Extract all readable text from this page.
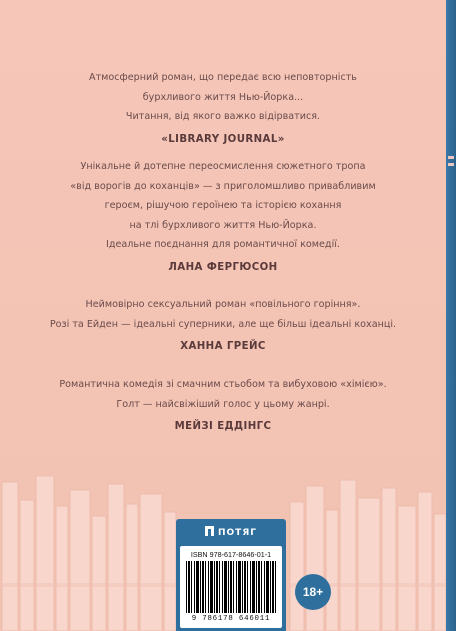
Атмосферний роман, що передає всю неповторність
бурхливого життя Нью-Йорка...
Читання, від якого важко відірватися.
«LIBRARY JOURNAL»
Унікальне й дотепне переосмислення сюжетного тропа
«від ворогів до коханців» — з приголомшливо привабливим
героєм, рішучою героїнею та історією кохання
на тлі бурхливого життя Нью-Йорка.
Ідеальне поєднання для романтичної комедії.
ЛАНА ФЕРГЮСОН
Неймовірно сексуальний роман «повільного горіння».
Розі та Ейден — ідеальні суперники, але ще більш ідеальні коханці.
ХАННА ГРЕЙС
Романтична комедія зі смачним стьобом та вибуховою «хімією».
Голт — найсвіжіший голос у цьому жанрі.
МЕЙЗІ ЕДДІНГС
ПОТЯГ
ISBN 978-617-8646-01-1
9 786178 646011
18+
